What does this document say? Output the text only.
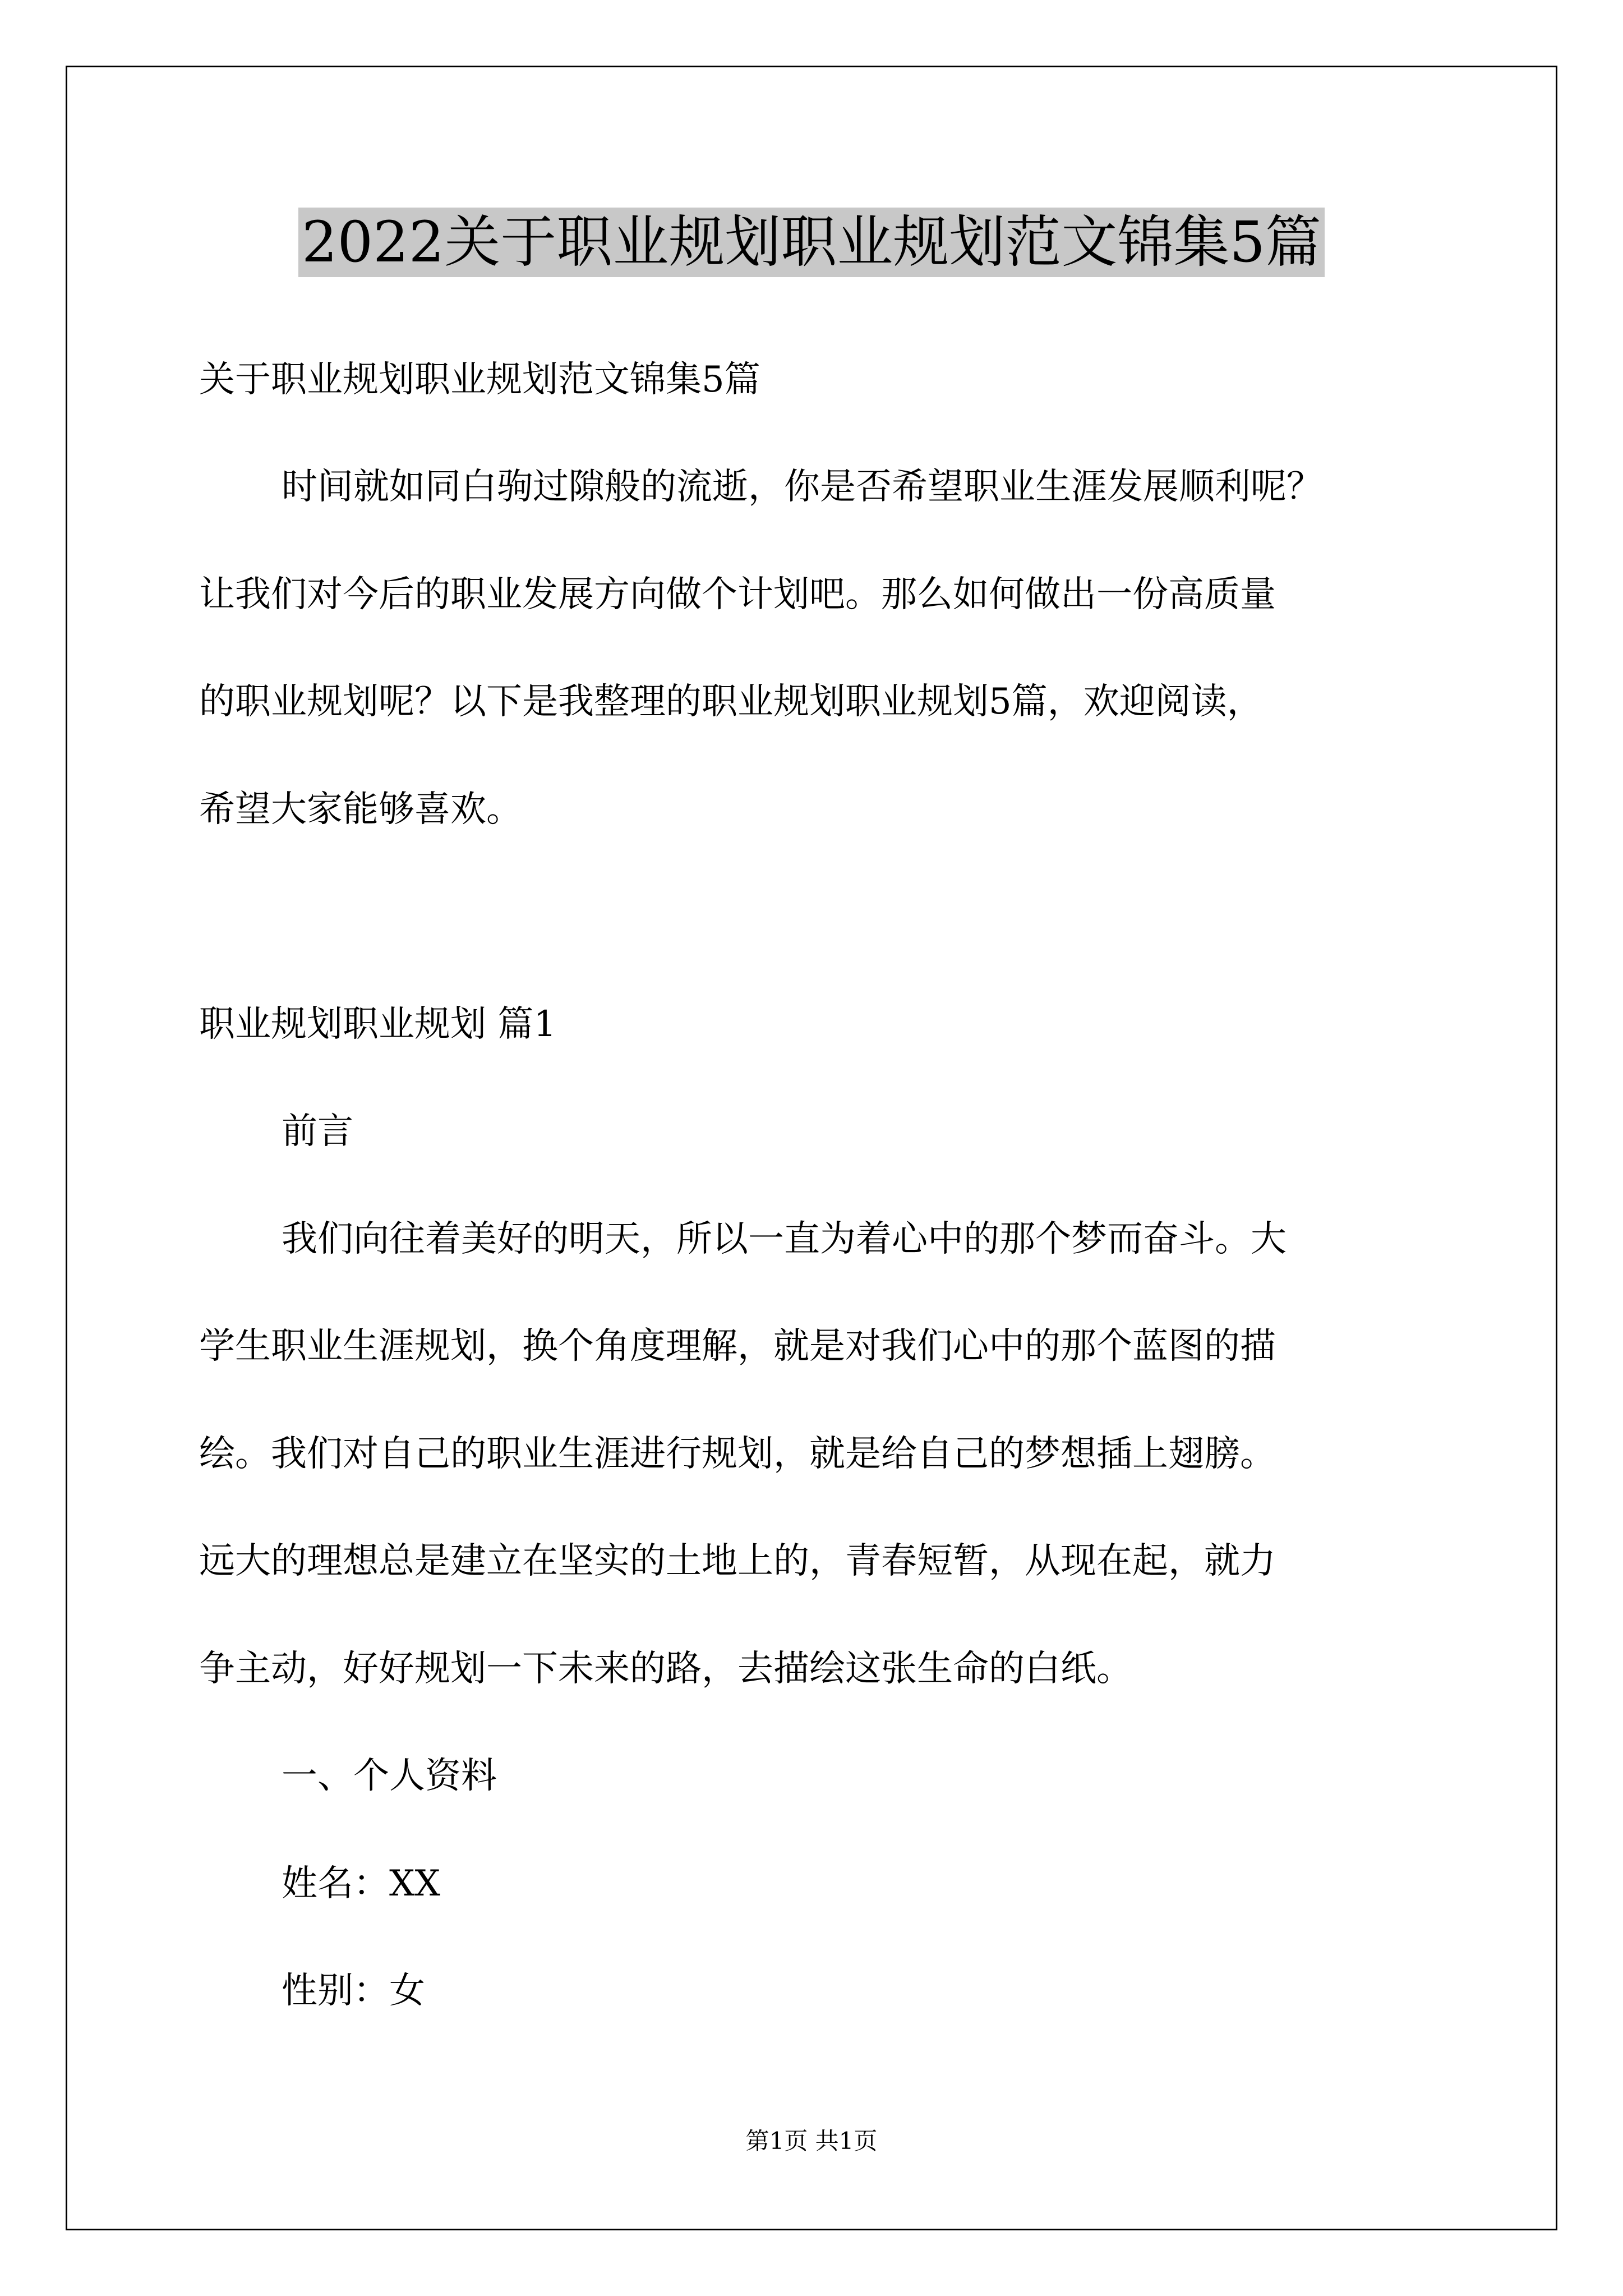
2022关于职业规划职业规划范文锦集5篇
关于职业规划职业规划范文锦集5篇
时间就如同白驹过隙般的流逝，你是否希望职业生涯发展顺利呢？
让我们对今后的职业发展方向做个计划吧。那么如何做出一份高质量
的职业规划呢？以下是我整理的职业规划职业规划5篇，欢迎阅读，
希望大家能够喜欢。
职业规划职业规划 篇1
前言
我们向往着美好的明天，所以一直为着心中的那个梦而奋斗。大
学生职业生涯规划，换个角度理解，就是对我们心中的那个蓝图的描
绘。我们对自己的职业生涯进行规划，就是给自己的梦想插上翅膀。
远大的理想总是建立在坚实的土地上的，青春短暂，从现在起，就力
争主动，好好规划一下未来的路，去描绘这张生命的白纸。
一、个人资料
姓名：XX
性别：女
第1页 共1页
